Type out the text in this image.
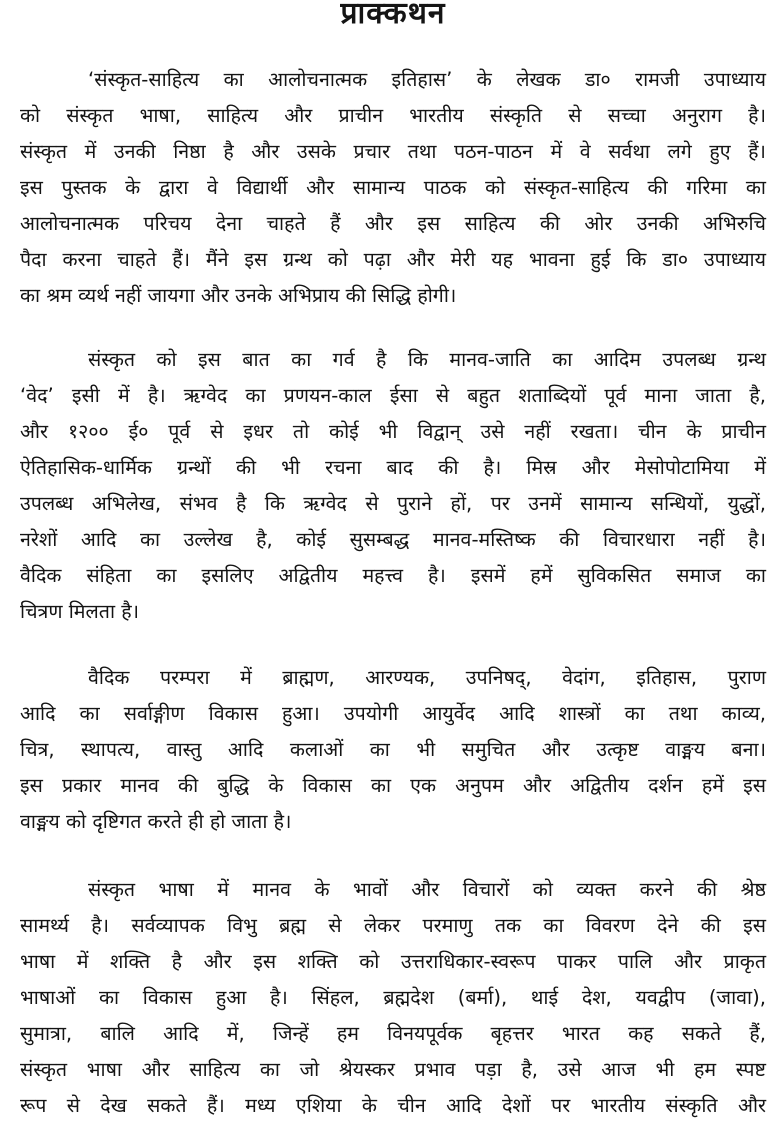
प्राक्कथन

‘संस्कृत-साहित्य का आलोचनात्मक इतिहास’ के लेखक डा० रामजी उपाध्याय
को संस्कृत भाषा, साहित्य और प्राचीन भारतीय संस्कृति से सच्चा अनुराग है।
संस्कृत में उनकी निष्ठा है और उसके प्रचार तथा पठन-पाठन में वे सर्वथा लगे हुए हैं।
इस पुस्तक के द्वारा वे विद्यार्थी और सामान्य पाठक को संस्कृत-साहित्य की गरिमा का
आलोचनात्मक परिचय देना चाहते हैं और इस साहित्य की ओर उनकी अभिरुचि
पैदा करना चाहते हैं। मैंने इस ग्रन्थ को पढ़ा और मेरी यह भावना हुई कि डा० उपाध्याय
का श्रम व्यर्थ नहीं जायगा और उनके अभिप्राय की सिद्धि होगी।

संस्कृत को इस बात का गर्व है कि मानव-जाति का आदिम उपलब्ध ग्रन्थ
‘वेद’ इसी में है। ऋग्वेद का प्रणयन-काल ईसा से बहुत शताब्दियों पूर्व माना जाता है,
और १२०० ई० पूर्व से इधर तो कोई भी विद्वान् उसे नहीं रखता। चीन के प्राचीन
ऐतिहासिक-धार्मिक ग्रन्थों की भी रचना बाद की है। मिस्र और मेसोपोटामिया में
उपलब्ध अभिलेख, संभव है कि ऋग्वेद से पुराने हों, पर उनमें सामान्य सन्धियों, युद्धों,
नरेशों आदि का उल्लेख है, कोई सुसम्बद्ध मानव-मस्तिष्क की विचारधारा नहीं है।
वैदिक संहिता का इसलिए अद्वितीय महत्त्व है। इसमें हमें सुविकसित समाज का
चित्रण मिलता है।

वैदिक परम्परा में ब्राह्मण, आरण्यक, उपनिषद्, वेदांग, इतिहास, पुराण
आदि का सर्वाङ्गीण विकास हुआ। उपयोगी आयुर्वेद आदि शास्त्रों का तथा काव्य,
चित्र, स्थापत्य, वास्तु आदि कलाओं का भी समुचित और उत्कृष्ट वाङ्मय बना।
इस प्रकार मानव की बुद्धि के विकास का एक अनुपम और अद्वितीय दर्शन हमें इस
वाङ्मय को दृष्टिगत करते ही हो जाता है।

संस्कृत भाषा में मानव के भावों और विचारों को व्यक्त करने की श्रेष्ठ
सामर्थ्य है। सर्वव्यापक विभु ब्रह्म से लेकर परमाणु तक का विवरण देने की इस
भाषा में शक्ति है और इस शक्ति को उत्तराधिकार-स्वरूप पाकर पालि और प्राकृत
भाषाओं का विकास हुआ है। सिंहल, ब्रह्मदेश (बर्मा), थाई देश, यवद्वीप (जावा),
सुमात्रा, बालि आदि में, जिन्हें हम विनयपूर्वक बृहत्तर भारत कह सकते हैं,
संस्कृत भाषा और साहित्य का जो श्रेयस्कर प्रभाव पड़ा है, उसे आज भी हम स्पष्ट
रूप से देख सकते हैं। मध्य एशिया के चीन आदि देशों पर भारतीय संस्कृति और
